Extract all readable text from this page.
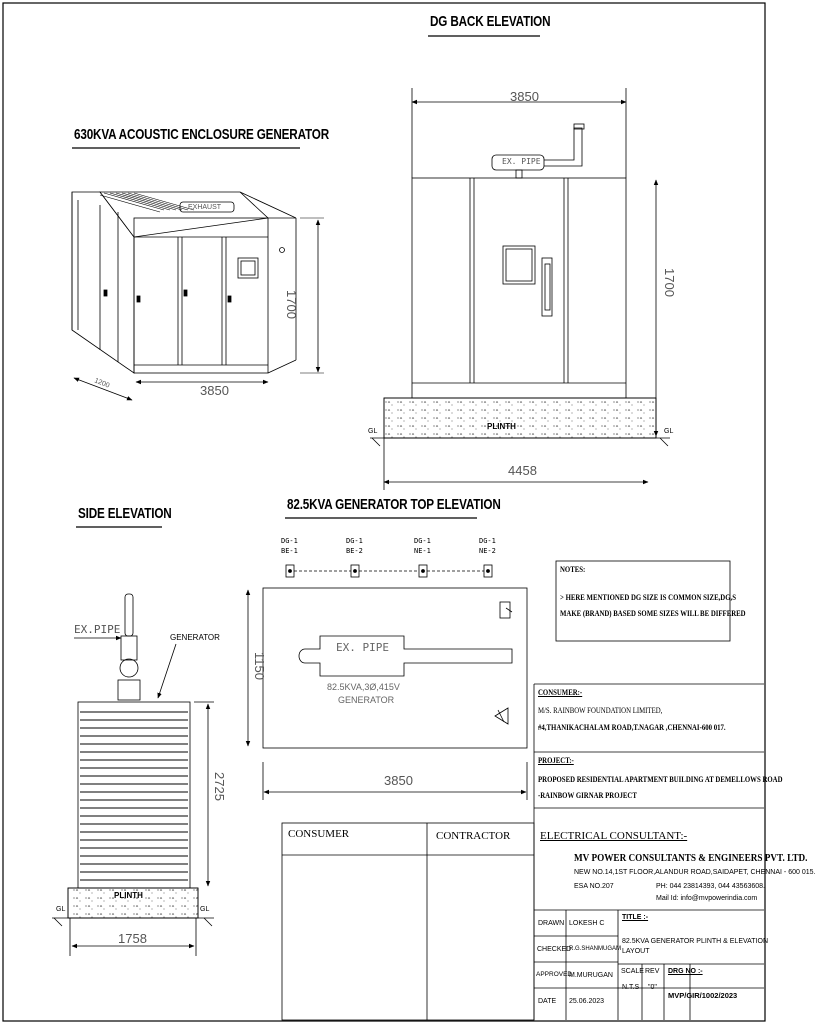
DG BACK ELEVATION
630KVA ACOUSTIC ENCLOSURE GENERATOR
SIDE ELEVATION
82.5KVA GENERATOR TOP ELEVATION
EXHAUST
3850
1200
1700
3850
1700
EX. PIPE
PLINTH
4458
GL	GL
EX.PIPE
GENERATOR
2725
PLINTH
1758
GL	GL
DG-1
BE-1
DG-1
BE-2
DG-1
NE-1
DG-1
NE-2
EX. PIPE
82.5KVA,3Ø,415V
GENERATOR
1150
3850
NOTES:
> HERE MENTIONED DG SIZE IS COMMON SIZE,DG,S
MAKE (BRAND) BASED SOME SIZES WILL BE DIFFERED
CONSUMER:-
M/S. RAINBOW FOUNDATION LIMITED,
#4,THANIKACHALAM ROAD,T.NAGAR ,CHENNAI-600 017.
PROJECT:-
PROPOSED RESIDENTIAL APARTMENT BUILDING AT DEMELLOWS ROAD
-RAINBOW GIRNAR PROJECT
CONSUMER	CONTRACTOR	ELECTRICAL CONSULTANT:-
MV POWER CONSULTANTS & ENGINEERS PVT. LTD.
NEW NO.14,1ST FLOOR,ALANDUR ROAD,SAIDAPET, CHENNAI - 600 015.
ESA NO.207	PH: 044 23814393, 044 43563608.
Mail Id: info@mvpowerindia.com
DRAWN LOKESH C
CHECKED
R.G.SHANMUGAM
APPROVED
M.MURUGAN
DATE 25.06.2023
TITLE :-
82.5KVA GENERATOR PLINTH & ELEVATION
LAYOUT
SCALE
N.T.S
REV
"0"
DRG NO :-
MVP/GIR/1002/2023
